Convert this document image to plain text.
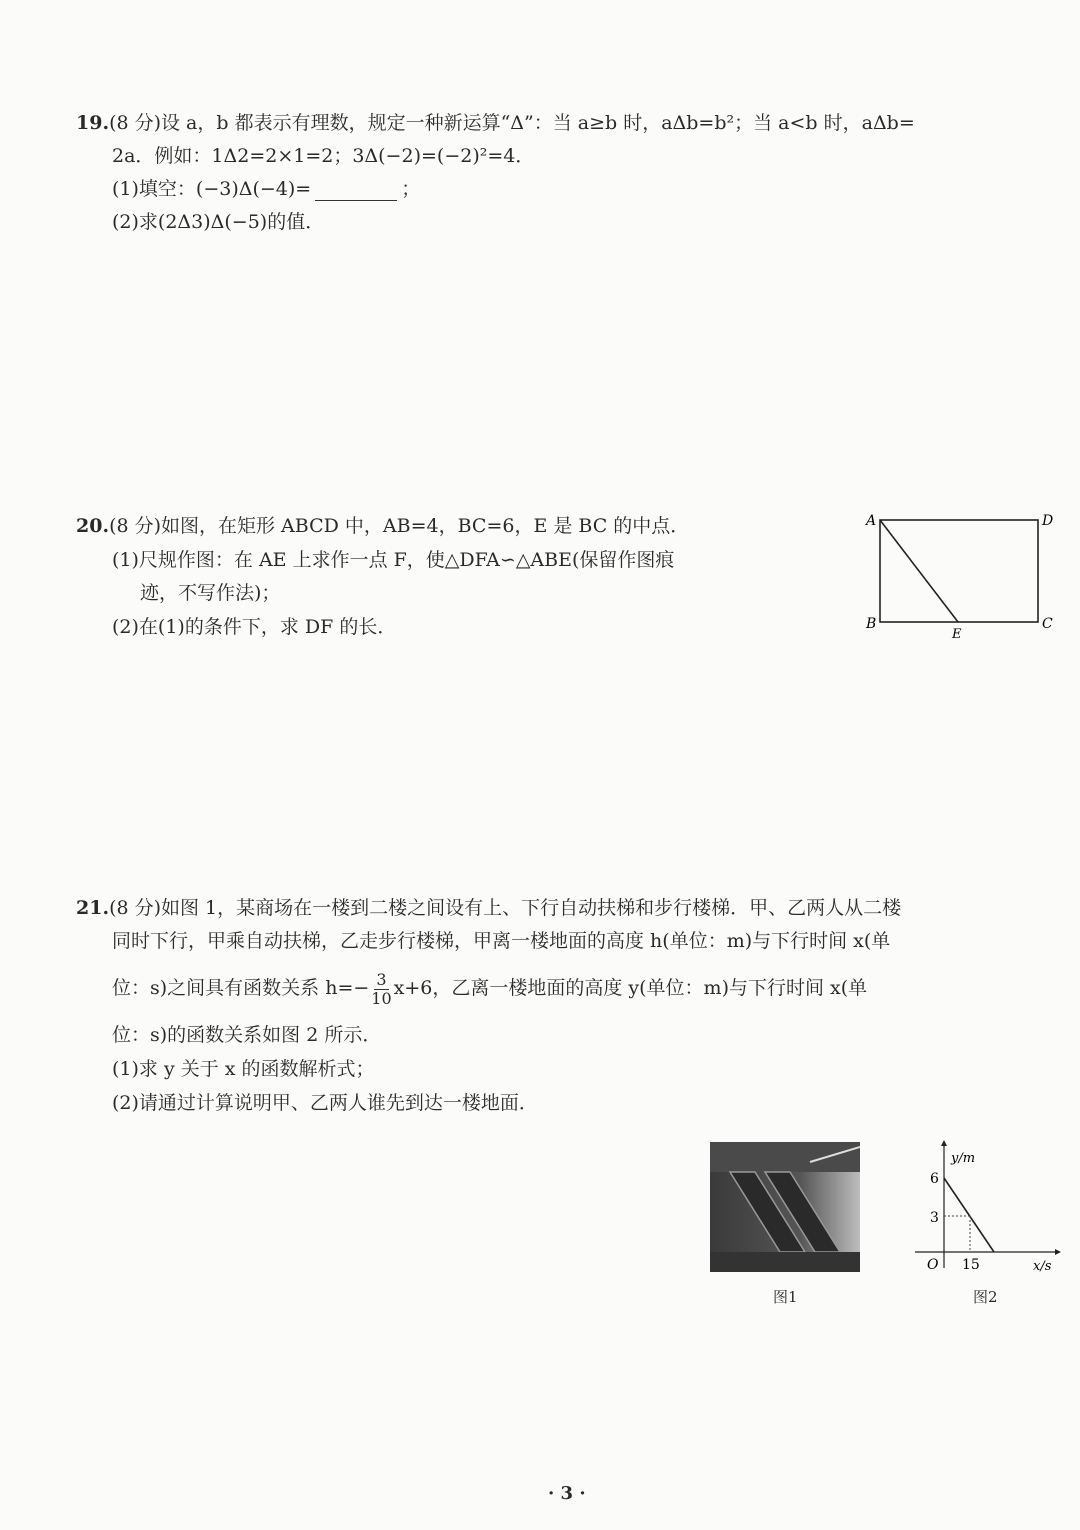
19.(8 分)设 a，b 都表示有理数，规定一种新运算“Δ”：当 a≥b 时，aΔb=b²；当 a<b 时，aΔb=
2a．例如：1Δ2=2×1=2；3Δ(−2)=(−2)²=4．
(1)填空：(−3)Δ(−4)=	；
(2)求(2Δ3)Δ(−5)的值．
20.(8 分)如图，在矩形 ABCD 中，AB=4，BC=6，E 是 BC 的中点．
(1)尺规作图：在 AE 上求作一点 F，使△DFA∽△ABE(保留作图痕
迹，不写作法)；
(2)在(1)的条件下，求 DF 的长．
A	D
B	C
E
21.(8 分)如图 1，某商场在一楼到二楼之间设有上、下行自动扶梯和步行楼梯．甲、乙两人从二楼
同时下行，甲乘自动扶梯，乙走步行楼梯，甲离一楼地面的高度 h(单位：m)与下行时间 x(单
位：s)之间具有函数关系 $h=- \frac{3}{10} x+6$，乙离一楼地面的高度 y(单位：m)与下行时间 x(单
位：s)的函数关系如图 2 所示．
(1)求 y 关于 x 的函数解析式；
(2)请通过计算说明甲、乙两人谁先到达一楼地面．
图1
y/m
x/s
O
6
3
15
图2
· 3 ·
